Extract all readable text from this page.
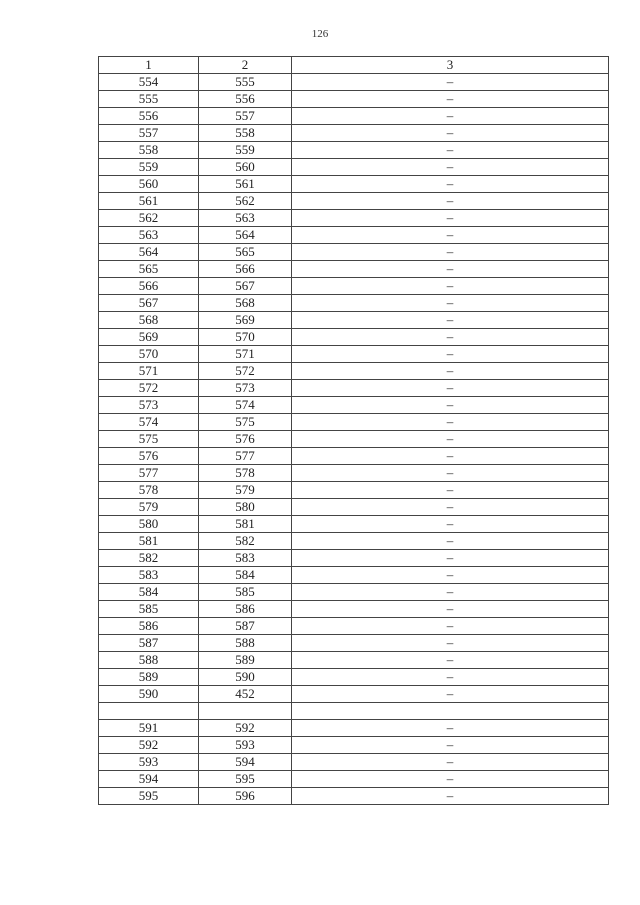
126
1	2	3
554	555	–
555	556	–
556	557	–
557	558	–
558	559	–
559	560	–
560	561	–
561	562	–
562	563	–
563	564	–
564	565	–
565	566	–
566	567	–
567	568	–
568	569	–
569	570	–
570	571	–
571	572	–
572	573	–
573	574	–
574	575	–
575	576	–
576	577	–
577	578	–
578	579	–
579	580	–
580	581	–
581	582	–
582	583	–
583	584	–
584	585	–
585	586	–
586	587	–
587	588	–
588	589	–
589	590	–
590	452	–

591	592	–
592	593	–
593	594	–
594	595	–
595	596	–
